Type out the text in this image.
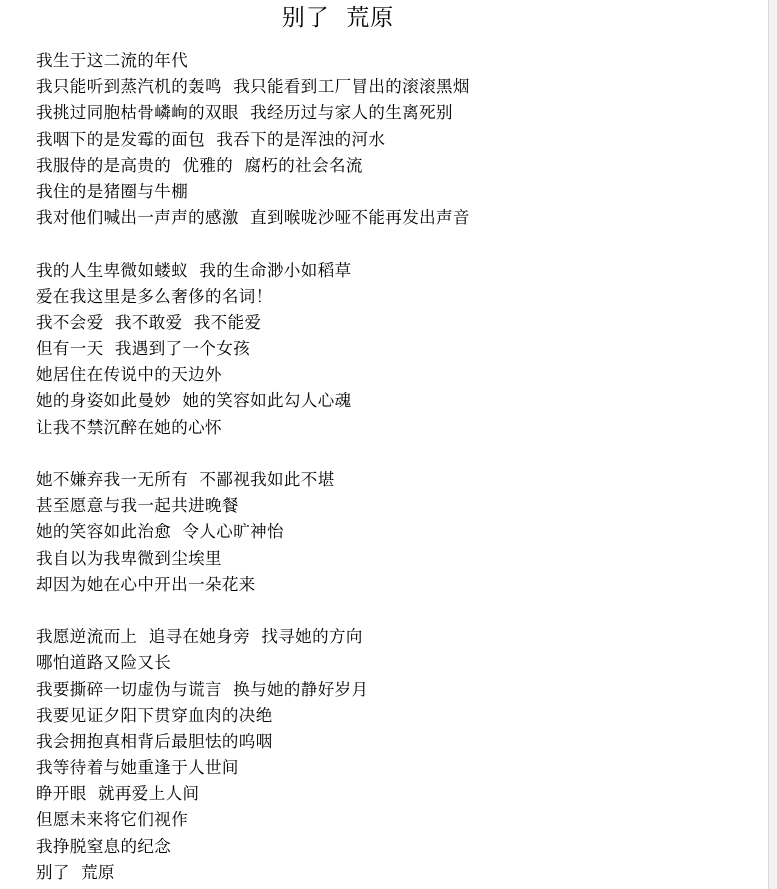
别了  荒原
我生于这二流的年代
我只能听到蒸汽机的轰鸣  我只能看到工厂冒出的滚滚黑烟
我挑过同胞枯骨嶙峋的双眼  我经历过与家人的生离死别
我咽下的是发霉的面包  我吞下的是浑浊的河水
我服侍的是高贵的  优雅的  腐朽的社会名流
我住的是猪圈与牛棚
我对他们喊出一声声的感激  直到喉咙沙哑不能再发出声音
我的人生卑微如蝼蚁  我的生命渺小如稻草
爱在我这里是多么奢侈的名词！
我不会爱  我不敢爱  我不能爱
但有一天  我遇到了一个女孩
她居住在传说中的天边外
她的身姿如此曼妙  她的笑容如此勾人心魂
让我不禁沉醉在她的心怀
她不嫌弃我一无所有  不鄙视我如此不堪
甚至愿意与我一起共进晚餐
她的笑容如此治愈  令人心旷神怡
我自以为我卑微到尘埃里
却因为她在心中开出一朵花来
我愿逆流而上  追寻在她身旁  找寻她的方向
哪怕道路又险又长
我要撕碎一切虚伪与谎言  换与她的静好岁月
我要见证夕阳下贯穿血肉的决绝
我会拥抱真相背后最胆怯的呜咽
我等待着与她重逢于人世间
睁开眼  就再爱上人间
但愿未来将它们视作
我挣脱窒息的纪念
别了  荒原
